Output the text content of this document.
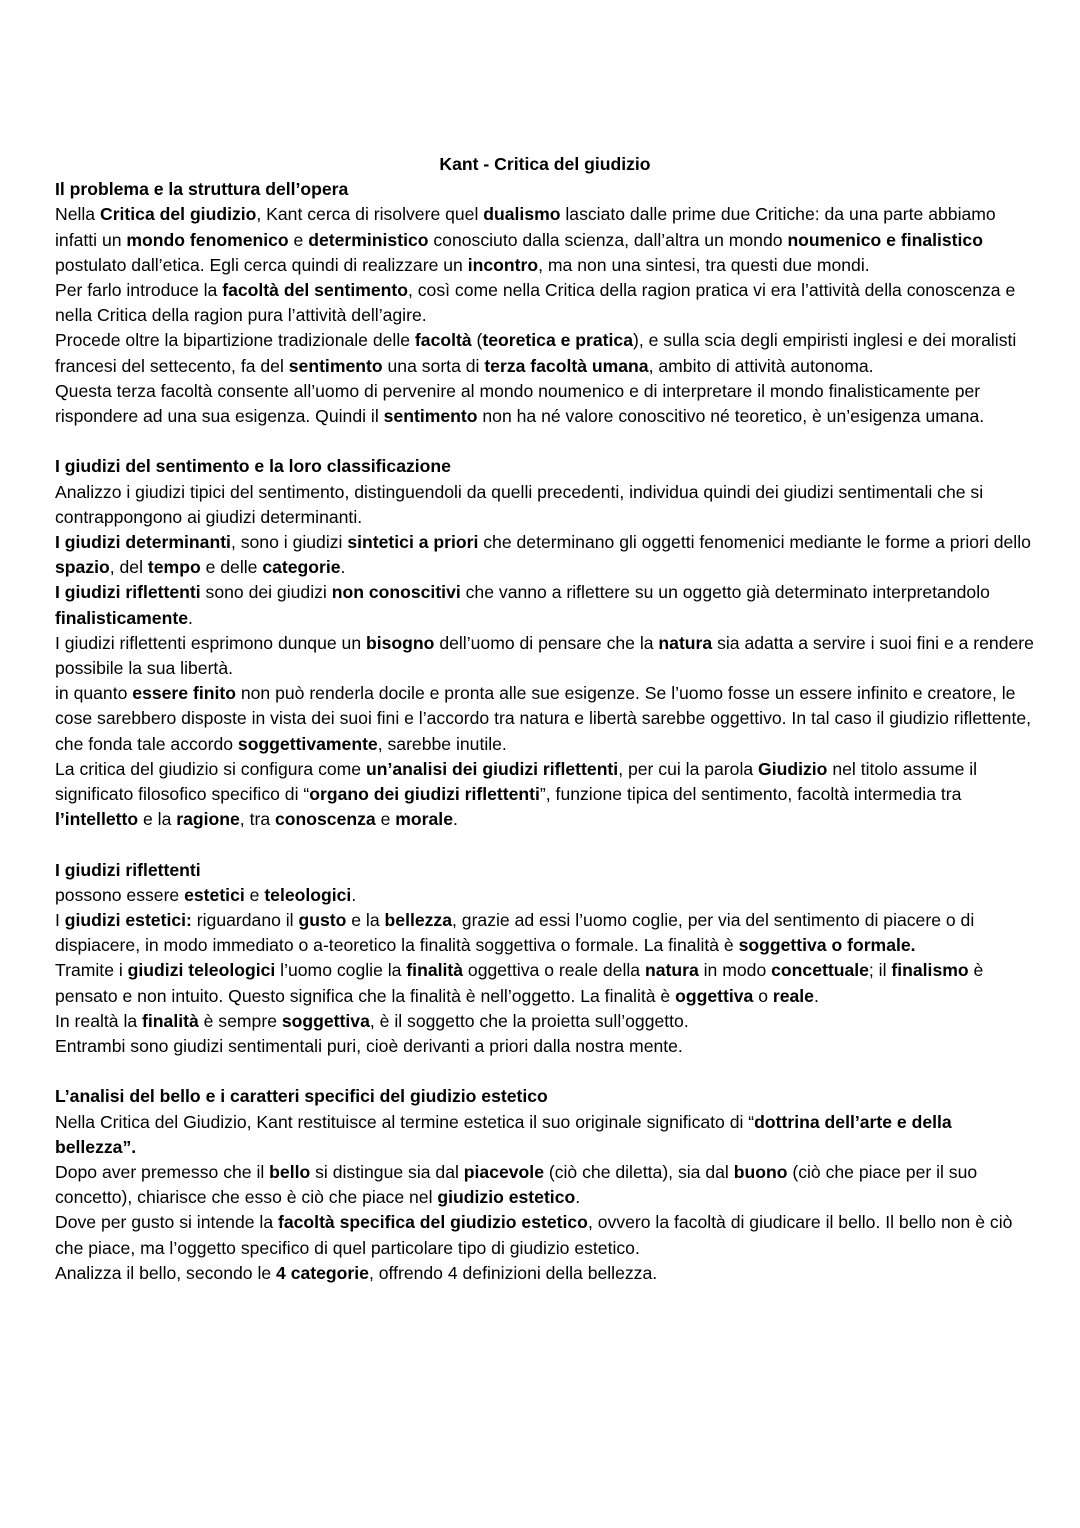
Kant - Critica del giudizio
Il problema e la struttura dell’opera

Nella Critica del giudizio, Kant cerca di risolvere quel dualismo lasciato dalle prime due Critiche: da una parte abbiamo infatti un mondo fenomenico e deterministico conosciuto dalla scienza, dall’altra un mondo noumenico e finalistico postulato dall’etica. Egli cerca quindi di realizzare un incontro, ma non una sintesi, tra questi due mondi.

Per farlo introduce la facoltà del sentimento, così come nella Critica della ragion pratica vi era l’attività della conoscenza e nella Critica della ragion pura l’attività dell’agire.

Procede oltre la bipartizione tradizionale delle facoltà (teoretica e pratica), e sulla scia degli empiristi inglesi e dei moralisti francesi del settecento, fa del sentimento una sorta di terza facoltà umana, ambito di attività autonoma.

Questa terza facoltà consente all’uomo di pervenire al mondo noumenico e di interpretare il mondo finalisticamente per rispondere ad una sua esigenza. Quindi il sentimento non ha né valore conoscitivo né teoretico, è un’esigenza umana.

I giudizi del sentimento e la loro classificazione

Analizzo i giudizi tipici del sentimento, distinguendoli da quelli precedenti, individua quindi dei giudizi sentimentali che si contrappongono ai giudizi determinanti.

I giudizi determinanti, sono i giudizi sintetici a priori che determinano gli oggetti fenomenici mediante le forme a priori dello spazio, del tempo e delle categorie.

I giudizi riflettenti sono dei giudizi non conoscitivi che vanno a riflettere su un oggetto già determinato interpretandolo finalisticamente.

I giudizi riflettenti esprimono dunque un bisogno dell’uomo di pensare che la natura sia adatta a servire i suoi fini e a rendere possibile la sua libertà.

in quanto essere finito non può renderla docile e pronta alle sue esigenze. Se l’uomo fosse un essere infinito e creatore, le cose sarebbero disposte in vista dei suoi fini e l’accordo tra natura e libertà sarebbe oggettivo. In tal caso il giudizio riflettente, che fonda tale accordo soggettivamente, sarebbe inutile.

La critica del giudizio si configura come un’analisi dei giudizi riflettenti, per cui la parola Giudizio nel titolo assume il significato filosofico specifico di “organo dei giudizi riflettenti”, funzione tipica del sentimento, facoltà intermedia tra l’intelletto e la ragione, tra conoscenza e morale.

I giudizi riflettenti

possono essere estetici e teleologici.

I giudizi estetici: riguardano il gusto e la bellezza, grazie ad essi l’uomo coglie, per via del sentimento di piacere o di dispiacere, in modo immediato o a-teoretico la finalità soggettiva o formale. La finalità è soggettiva o formale.

Tramite i giudizi teleologici l’uomo coglie la finalità oggettiva o reale della natura in modo concettuale; il finalismo è pensato e non intuito. Questo significa che la finalità è nell’oggetto. La finalità è oggettiva o reale.

In realtà la finalità è sempre soggettiva, è il soggetto che la proietta sull’oggetto.

Entrambi sono giudizi sentimentali puri, cioè derivanti a priori dalla nostra mente.

L’analisi del bello e i caratteri specifici del giudizio estetico

Nella Critica del Giudizio, Kant restituisce al termine estetica il suo originale significato di “dottrina dell’arte e della bellezza”.

Dopo aver premesso che il bello si distingue sia dal piacevole (ciò che diletta), sia dal buono (ciò che piace per il suo concetto), chiarisce che esso è ciò che piace nel giudizio estetico.

Dove per gusto si intende la facoltà specifica del giudizio estetico, ovvero la facoltà di giudicare il bello. Il bello non è ciò che piace, ma l’oggetto specifico di quel particolare tipo di giudizio estetico.

Analizza il bello, secondo le 4 categorie, offrendo 4 definizioni della bellezza.
